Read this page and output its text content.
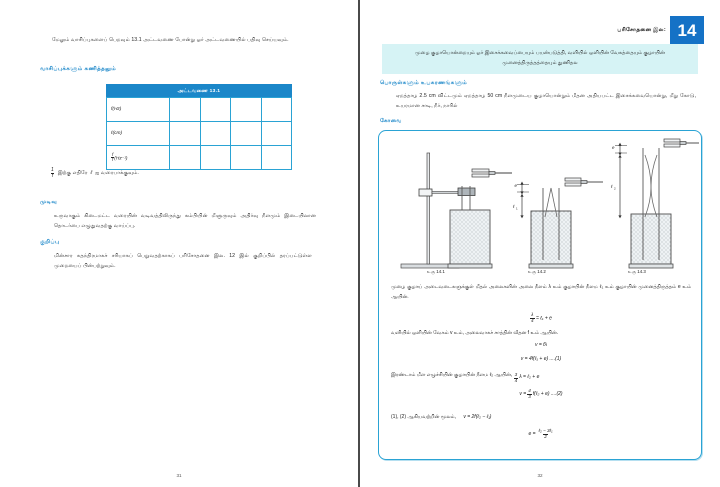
மேலும் வாசிப்புகளைப் பெறவும் 13.1 அட்டவணை போன்று ஓர் அட்டவணையில் பதிவு செய்யவும்.
வாசிப்புக்களும் கணித்தலும்
அட்டவணை 13.1
f(Hz)				
ℓ(cm)				

$\frac{f}{f} (Hz^{-1})$				
$\frac{1}{f}$ இற்கு எதிரே ℓ ஐ வரைபாக்குவும்.
முடிவு
உருவாகும் கிடைமட்ட வரையின் வடிவத்திலிருந்து கம்பியின் மீளுருவும் அதிர்வு நீளமும் இடையிலான தொடர்பை எழுதுவதற்கு வாய்ப்பு.
குறிப்பு
மின்சார சுதந்திரமாகச் சரியாகப் பெறுவதற்காகப் பரிசோதனை இல. 12 இல் குறிப்பில் தரப்பட்டுள்ள முறையைப் பின்பற்றுவும்.
31
பரிசோதனை இல: 14

முழை குழாயொன்றையும் ஓர் இசைக்கவைப்பையும் பயன்படுத்தி, வளியில் ஒளியின் வேகத்தையும் குழாயின் முனைத்திருத்தத்தையும் துணிதல

பொருள்களும் உபகரணங்களும்
ஏறத்தாழ 2.5 cm விட்டமும் ஏறத்தாழ 50 cm நீளமுடைய குழாயொன்றும் மீதன அதியபட்ட இசைக்கவையொன்று, மீறு கோடு, உயரமான சாடி, நீர், நாரில்
கோவை
e
ℓ 1
e
ℓ 2
உரு 14.1	உரு 14.2	உரு 14.3
முழை குழாய் அடைவடைகளுக்குள் மீதல் அலைகளின் அலை நீளம் λ உம் குழாயின் நீளம ℓ₁ உம் குழாயின் முனைத்திருத்தம் e உம் ஆயின்.
$\frac{\lambda}{4}$ = ℓ₁ + e
வளியில் ஒளியின் வேகம் v உம், அலைவாகச் சாத்தின் வீதன f உம் ஆயின்.
v = fλ
v = 4f(ℓ₁ + e) ....(1)
இரண்டாம் மீள எழுச்சியின் குழாயின் நீளம ℓ₂ ஆயின், $\frac{3}{4}$ λ = ℓ₂ + e
$v = \frac{4}{3}$ f(ℓ₂ + e) ....(2)
(1), (2) ஆகியவற்றின் மூலம், v = 2f(ℓ₂ − ℓ₁)
$e = \frac{\text{ℓ₂ − 3ℓ₁}}{2}$
32
